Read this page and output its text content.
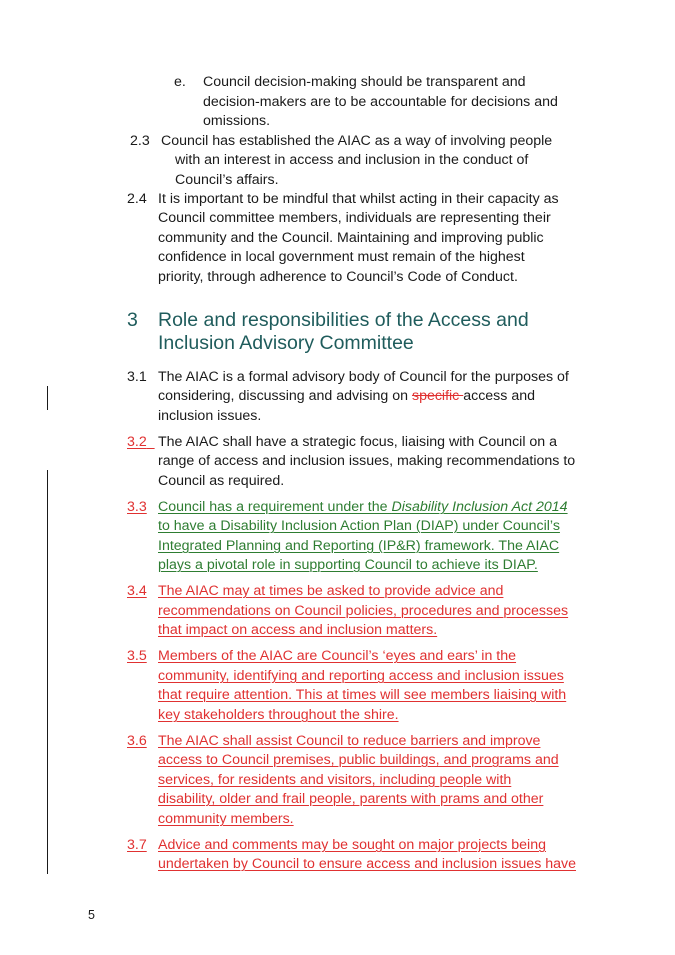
e. Council decision-making should be transparent and
decision-makers are to be accountable for decisions and
omissions.
2.3 Council has established the AIAC as a way of involving people
with an interest in access and inclusion in the conduct of
Council’s affairs.
2.4 It is important to be mindful that whilst acting in their capacity as
Council committee members, individuals are representing their
community and the Council. Maintaining and improving public
confidence in local government must remain of the highest
priority, through adherence to Council’s Code of Conduct.
3 Role and responsibilities of the Access and
Inclusion Advisory Committee
3.1 The AIAC is a formal advisory body of Council for the purposes of
considering, discussing and advising on specific access and
inclusion issues.
3.2 The AIAC shall have a strategic focus, liaising with Council on a
range of access and inclusion issues, making recommendations to
Council as required.
3.3 Council has a requirement under the Disability Inclusion Act 2014
to have a Disability Inclusion Action Plan (DIAP) under Council’s
Integrated Planning and Reporting (IP&R) framework. The AIAC
plays a pivotal role in supporting Council to achieve its DIAP.
3.4 The AIAC may at times be asked to provide advice and
recommendations on Council policies, procedures and processes
that impact on access and inclusion matters.
3.5 Members of the AIAC are Council’s ‘eyes and ears’ in the
community, identifying and reporting access and inclusion issues
that require attention. This at times will see members liaising with
key stakeholders throughout the shire.
3.6 The AIAC shall assist Council to reduce barriers and improve
access to Council premises, public buildings, and programs and
services, for residents and visitors, including people with
disability, older and frail people, parents with prams and other
community members.
3.7 Advice and comments may be sought on major projects being
undertaken by Council to ensure access and inclusion issues have
5
